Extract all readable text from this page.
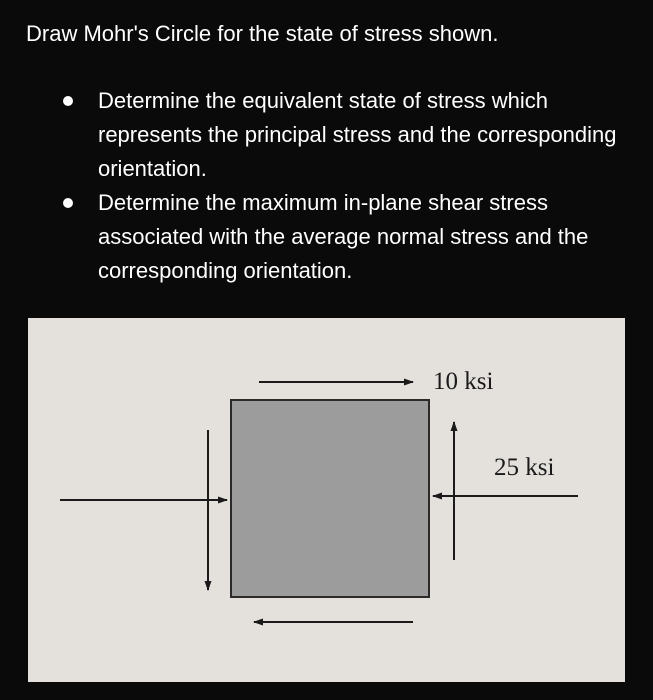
Draw Mohr's Circle for the state of stress shown.
Determine the equivalent state of stress which represents the principal stress and the corresponding orientation.
Determine the maximum in-plane shear stress associated with the average normal stress and the corresponding orientation.
10 ksi
25 ksi
